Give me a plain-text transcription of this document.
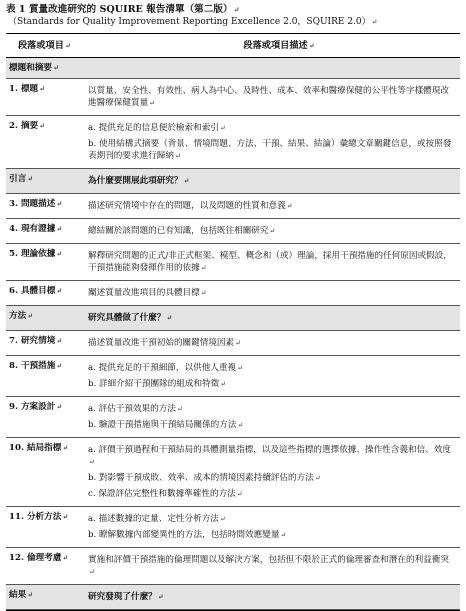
表 1 質量改進研究的 SQUIRE 報告清單（第二版）↵
（Standards for Quality Improvement Reporting Excellence 2.0，SQUIRE 2.0）↵
段落或項目↵	段落或項目描述↵
標題和摘要↵
1. 標題↵	以質量、安全性、有效性、病人為中心、及時性、成本、效率和醫療保健的公平性等字樣體現改進醫療保健質量↵
2. 摘要↵	a. 提供充足的信息便於檢索和索引↵
b. 使用結構式摘要（背景、情境問題、方法、干預、結果、結論）彙總文章關鍵信息，或按照發表期刊的要求進行歸納↵
引言↵	為什麼要開展此項研究？↵
3. 問題描述↵	描述研究情境中存在的問題，以及問題的性質和意義↵
4. 現有證據↵	總結關於該問題的已有知識，包括既往相關研究↵
5. 理論依據↵	解釋研究問題的正式/非正式框架、模型、概念和（或）理論，採用干預措施的任何原因或假設，干預措施能夠發揮作用的依據↵
6. 具體目標↵	闡述質量改進項目的具體目標↵
方法↵	研究具體做了什麼？↵
7. 研究情境↵	描述質量改進干預初始的關鍵情境因素↵
8. 干預措施↵	a. 提供充足的干預細節，以供他人重複↵
b. 詳細介紹干預團隊的組成和特徵↵
9. 方案設計↵	a. 評估干預效果的方法↵
b. 驗證干預措施與干預結局關係的方法↵
10. 結局指標↵	a. 評價干預過程和干預結局的具體測量指標，以及這些指標的選擇依據、操作性含義和信、效度↵
b. 對影響干預成敗、效率、成本的情境因素持續評估的方法↵
c. 保證評估完整性和數據準確性的方法↵
11. 分析方法↵	a. 描述數據的定量、定性分析方法↵
b. 瞭解數據內部變異性的方法，包括時間效應變量↵
12. 倫理考慮↵	實施和評價干預措施的倫理問題以及解決方案，包括但不限於正式的倫理審查和潛在的利益衝突↵
結果↵	研究發現了什麼？↵
